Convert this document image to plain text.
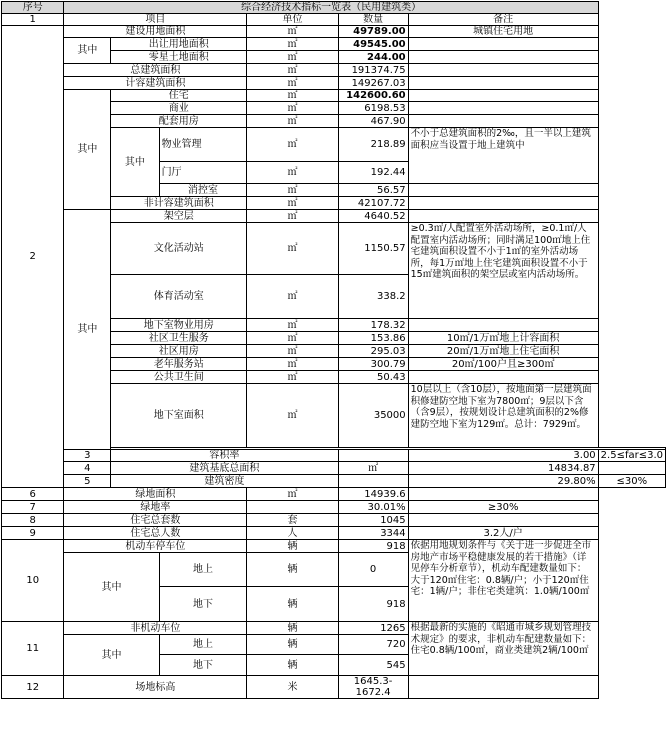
序号	综合经济技术指标一览表（民用建筑类）						
1	项目			单位	数量	备注	
2	建设用地面积			㎡	49789.00	城镇住宅用地	
	其中	出让用地面积		㎡	49545.00		
		零星土地面积		㎡	244.00		
	总建筑面积			㎡	191374.75		
	计容建筑面积			㎡	149267.03		
	其中	住宅		㎡	142600.60		
		商业		㎡	6198.53		
		配套用房		㎡	467.90		
		其中	物业管理	㎡	218.89	不小于总建筑面积的2‰，且一半以上建筑面积应当设置于地上建筑中	
			门厅	㎡	192.44		
			消控室	㎡	56.57		
		非计容建筑面积		㎡	42107.72		
	其中	架空层		㎡	4640.52		
		文化活动站		㎡	1150.57	≥0.3㎡/人配置室外活动场所，≥0.1㎡/人配置室内活动场所；同时满足100㎡地上住宅建筑面积设置不小于1㎡的室外活动场所，每1万㎡地上住宅建筑面积设置不小于15㎡建筑面积的架空层或室内活动场所。	
		体育活动室		㎡	338.2		
		地下室物业用房		㎡	178.32		
		社区卫生服务		㎡	153.86	10㎡/1万㎡地上计容面积	
		社区用房		㎡	295.03	20㎡/1万㎡地上住宅面积	
		老年服务站		㎡	300.79	20㎡/100户且≥300㎡	
		公共卫生间		㎡	50.43		
		地下室面积		㎡	35000	10层以上（含10层），按地面第一层建筑面积修建防空地下室为7800㎡；9层以下含（含9层），按规划设计总建筑面积的2%修建防空地下室为129㎡。总计：7929㎡。	

	3	容积率				3.00	2.5≤far≤3.0
	4	建筑基底总面积			㎡	14834.87	
	5	建筑密度				29.80%	≤30%
6	绿地面积			㎡	14939.6		
7	绿地率				30.01%	≥30%	
8	住宅总套数			套	1045		
9	住宅总人数			人	3344	3.2人/户	
10	机动车停车位			辆	918	依据用地规划条件与《关于进一步促进全市房地产市场平稳健康发展的若干措施》（详见停车分析章节），机动车配建数量如下：大于120㎡住宅：0.8辆/户；小于120㎡住宅：1辆/户；非住宅类建筑：1.0辆/100㎡	
	其中		地上	辆	0		
			地下	辆	918		
11	非机动车位			辆	1265	根据最新的实施的《昭通市城乡规划管理技术规定》的要求，非机动车配建数量如下：住宅0.8辆/100㎡，商业类建筑2辆/100㎡	
	其中		地上	辆	720		
			地下	辆	545		
12	场地标高			米	1645.3-1672.4		
